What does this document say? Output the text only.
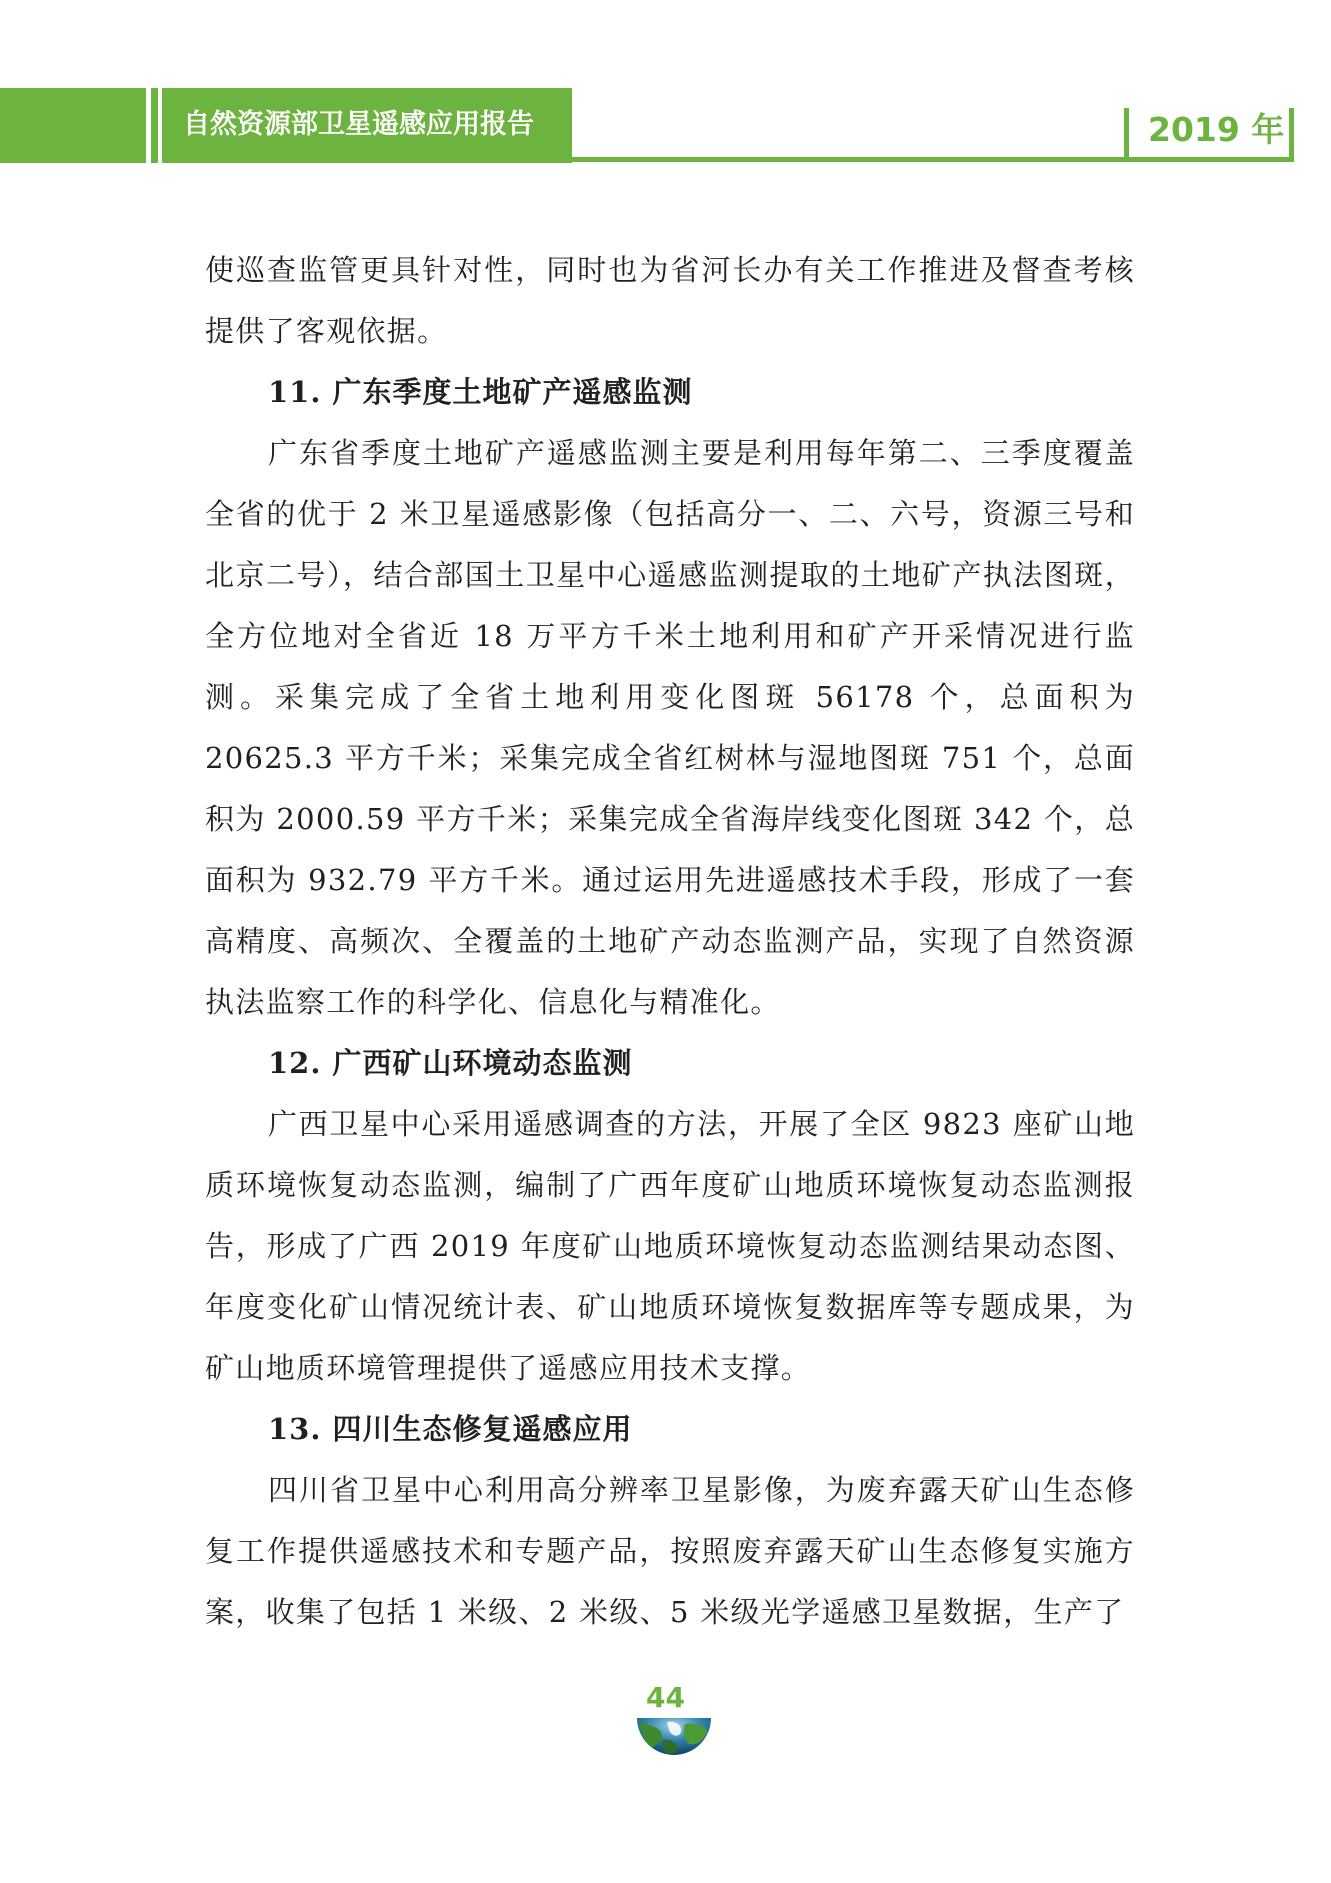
自然资源部卫星遥感应用报告	2019 年

使巡查监管更具针对性，同时也为省河长办有关工作推进及督查考核提供了客观依据。

11. 广东季度土地矿产遥感监测

广东省季度土地矿产遥感监测主要是利用每年第二、三季度覆盖全省的优于 2 米卫星遥感影像（包括高分一、二、六号，资源三号和北京二号），结合部国土卫星中心遥感监测提取的土地矿产执法图斑，全方位地对全省近 18 万平方千米土地利用和矿产开采情况进行监测。采集完成了全省土地利用变化图斑 56178 个，总面积为 20625.3 平方千米；采集完成全省红树林与湿地图斑 751 个，总面积为 2000.59 平方千米；采集完成全省海岸线变化图斑 342 个，总面积为 932.79 平方千米。通过运用先进遥感技术手段，形成了一套高精度、高频次、全覆盖的土地矿产动态监测产品，实现了自然资源执法监察工作的科学化、信息化与精准化。

12. 广西矿山环境动态监测

广西卫星中心采用遥感调查的方法，开展了全区 9823 座矿山地质环境恢复动态监测，编制了广西年度矿山地质环境恢复动态监测报告，形成了广西 2019 年度矿山地质环境恢复动态监测结果动态图、年度变化矿山情况统计表、矿山地质环境恢复数据库等专题成果，为矿山地质环境管理提供了遥感应用技术支撑。

13. 四川生态修复遥感应用

四川省卫星中心利用高分辨率卫星影像，为废弃露天矿山生态修复工作提供遥感技术和专题产品，按照废弃露天矿山生态修复实施方案，收集了包括 1 米级、2 米级、5 米级光学遥感卫星数据，生产了

44
